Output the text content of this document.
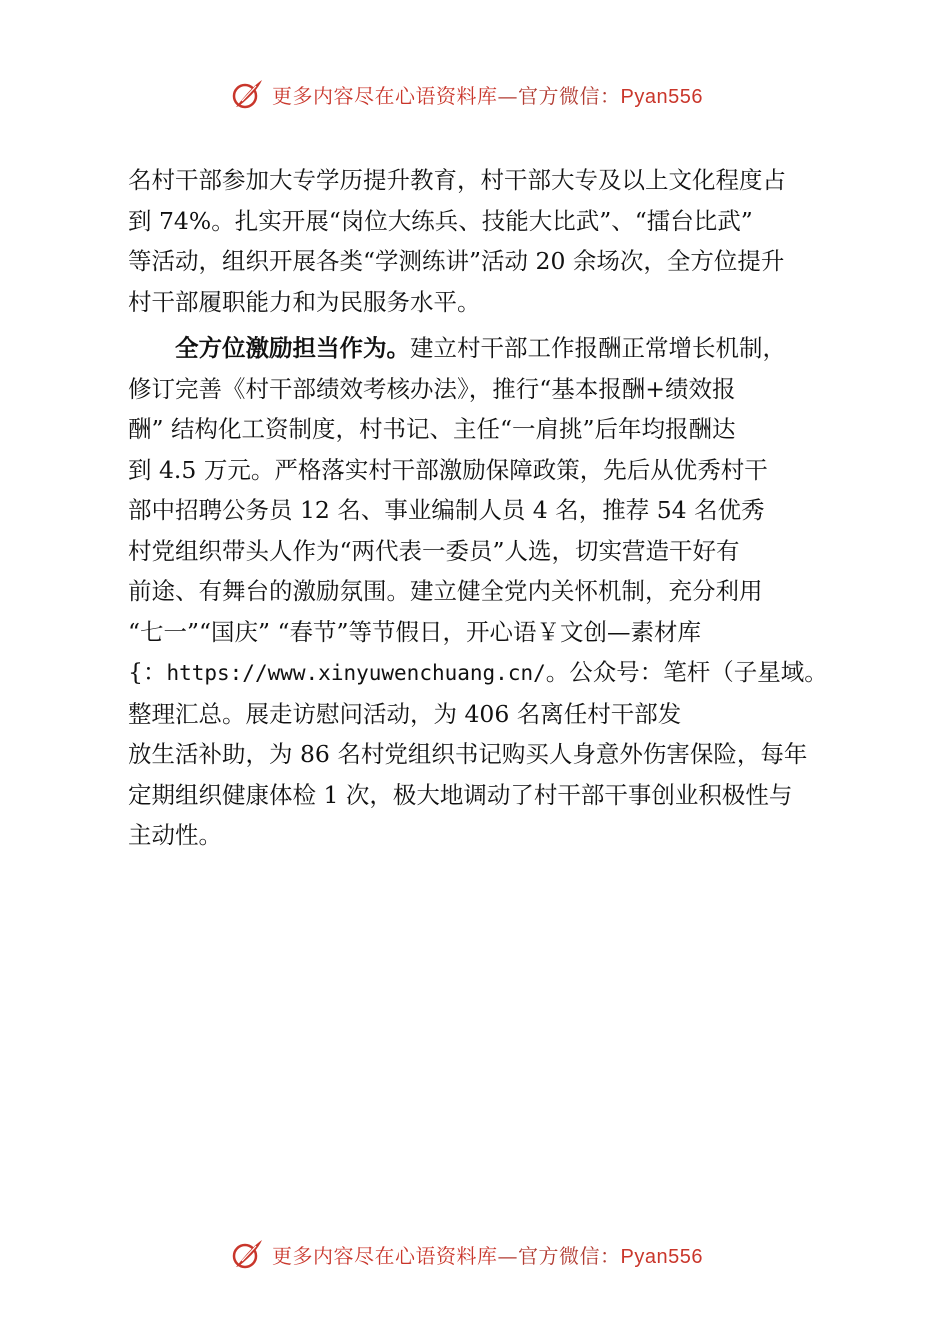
更多内容尽在心语资料库—官方微信：Pyan556

名村干部参加大专学历提升教育，村干部大专及以上文化程度占
到 74%。扎实开展“岗位大练兵、技能大比武”、“擂台比武”
等活动，组织开展各类“学测练讲”活动 20 余场次，全方位提升
村干部履职能力和为民服务水平。

全方位激励担当作为。建立村干部工作报酬正常增长机制，
修订完善《村干部绩效考核办法》，推行“基本报酬+绩效报
酬” 结构化工资制度，村书记、主任“一肩挑”后年均报酬达
到 4.5 万元。严格落实村干部激励保障政策，先后从优秀村干
部中招聘公务员 12 名、事业编制人员 4 名，推荐 54 名优秀
村党组织带头人作为“两代表一委员”人选，切实营造干好有
前途、有舞台的激励氛围。建立健全党内关怀机制，充分利用
“七一”“国庆” “春节”等节假日，开心语￥文创—素材库
{：https://www.xinyuwenchuang.cn/。公众号：笔杆（子星域。
整理汇总。展走访慰问活动，为 406 名离任村干部发
放生活补助，为 86 名村党组织书记购买人身意外伤害保险，每年
定期组织健康体检 1 次，极大地调动了村干部干事创业积极性与
主动性。

更多内容尽在心语资料库—官方微信：Pyan556
